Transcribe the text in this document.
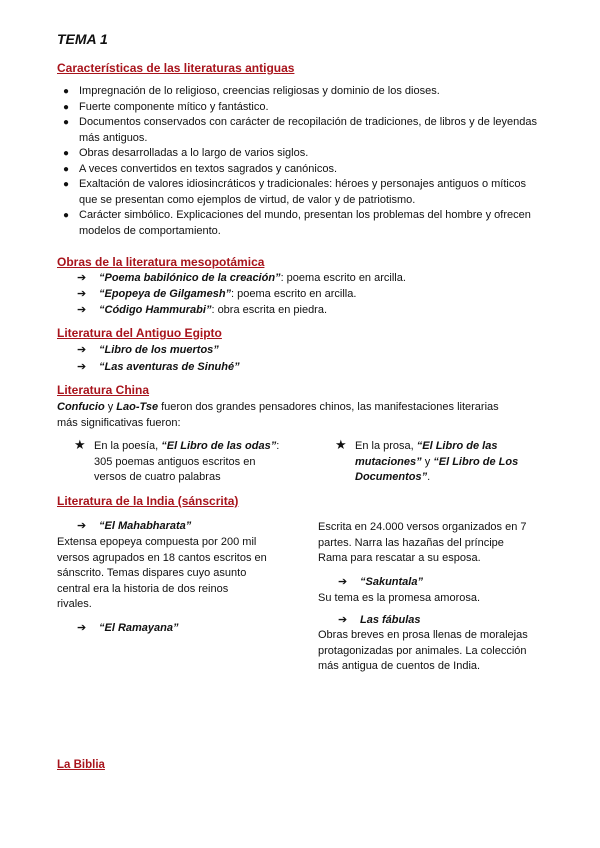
TEMA 1
Características de las literaturas antiguas
● Impregnación de lo religioso, creencias religiosas y dominio de los dioses.
● Fuerte componente mítico y fantástico.
● Documentos conservados con carácter de recopilación de tradiciones, de libros y de leyendas más antiguos.
● Obras desarrolladas a lo largo de varios siglos.
● A veces convertidos en textos sagrados y canónicos.
● Exaltación de valores idiosincráticos y tradicionales: héroes y personajes antiguos o míticos que se presentan como ejemplos de virtud, de valor y de patriotismo.
● Carácter simbólico. Explicaciones del mundo, presentan los problemas del hombre y ofrecen modelos de comportamiento.
Obras de la literatura mesopotámica
➔ “Poema babilónico de la creación”: poema escrito en arcilla.
➔ “Epopeya de Gilgamesh”: poema escrito en arcilla.
➔ “Código Hammurabi”: obra escrita en piedra.
Literatura del Antiguo Egipto
➔ “Libro de los muertos”
➔ “Las aventuras de Sinuhé”
Literatura China
Confucio y Lao-Tse fueron dos grandes pensadores chinos, las manifestaciones literarias
más significativas fueron:
★ En la poesía, “El Libro de las odas”:
305 poemas antiguos escritos en
versos de cuatro palabras
★ En la prosa, “El Libro de las
mutaciones” y “El Libro de Los
Documentos”.
Literatura de la India (sánscrita)
➔ “El Mahabharata”
Extensa epopeya compuesta por 200 mil
versos agrupados en 18 cantos escritos en
sánscrito. Temas dispares cuyo asunto
central era la historia de dos reinos
rivales.
➔ “El Ramayana”
Escrita en 24.000 versos organizados en 7
partes. Narra las hazañas del príncipe
Rama para rescatar a su esposa.
➔ “Sakuntala”
Su tema es la promesa amorosa.
➔ Las fábulas
Obras breves en prosa llenas de moralejas
protagonizadas por animales. La colección
más antigua de cuentos de India.
La Biblia
